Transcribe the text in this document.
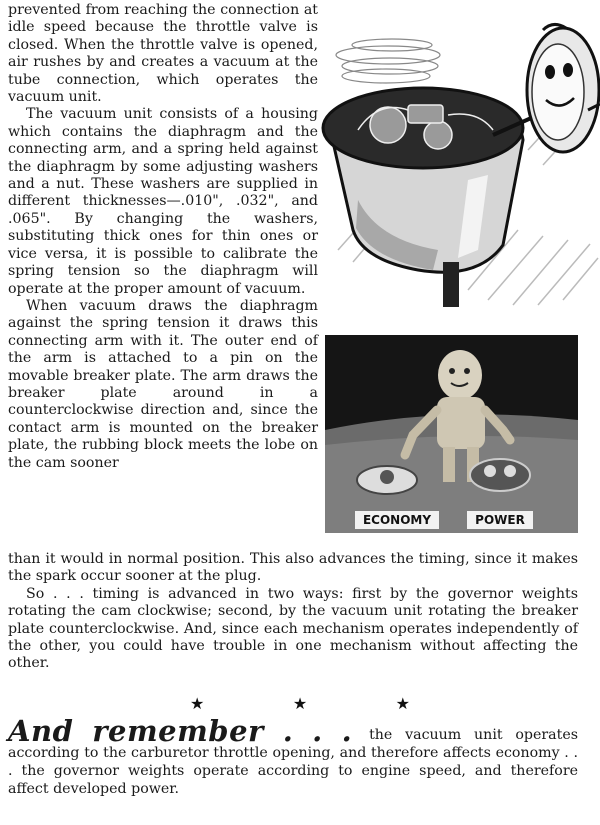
prevented from reaching the connection at idle speed because the throttle valve is closed. When the throttle valve is opened, air rushes by and creates a vacuum at the tube connection, which operates the vacuum unit.

The vacuum unit consists of a housing which contains the diaphragm and the connecting arm, and a spring held against the diaphragm by some adjusting washers and a nut. These washers are supplied in different thicknesses—.010", .032", and .065". By changing the washers, substituting thick ones for thin ones or vice versa, it is possible to calibrate the spring tension so the diaphragm will operate at the proper amount of vacuum.

When vacuum draws the diaphragm against the spring tension it draws this connecting arm with it. The outer end of the arm is attached to a pin on the movable breaker plate. The arm draws the breaker plate around in a counterclockwise direction and, since the contact arm is mounted on the breaker plate, the rubbing block meets the lobe on the cam sooner

ECONOMY	POWER

than it would in normal position. This also advances the timing, since it makes the spark occur sooner at the plug.

So . . . timing is advanced in two ways: first by the governor weights rotating the cam clockwise; second, by the vacuum unit rotating the breaker plate counterclockwise. And, since each mechanism operates independently of the other, you could have trouble in one mechanism without affecting the other.

★	★	★
And remember . . . the vacuum unit operates according to the carburetor throttle opening, and therefore affects economy . . . the governor weights operate according to engine speed, and therefore affect developed power.
